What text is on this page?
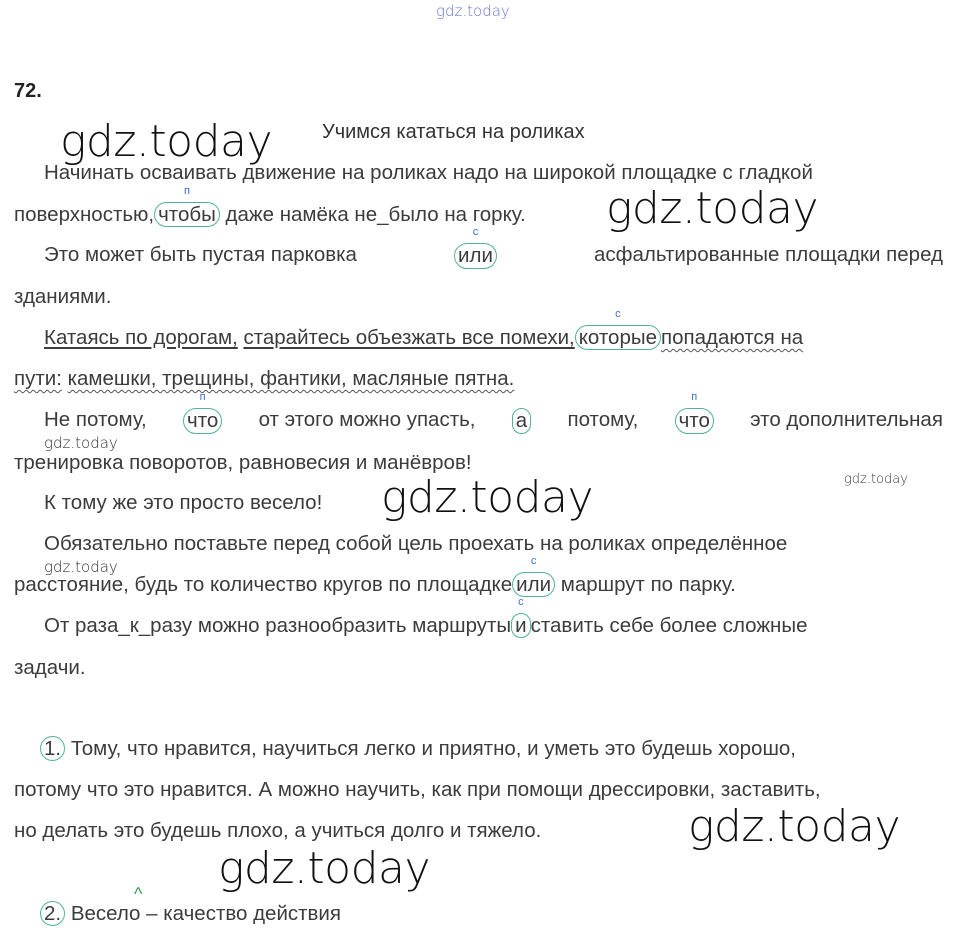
gdz.today
gdz.today
gdz.today
gdz.today
gdz.today
gdz.today
gdz.today
gdz.today
gdz.today
72.
Учимся кататься на роликах
Начинать осваивать движение на роликах надо на широкой площадке с гладкой
поверхностью,
п
чтобы даже намёка не_было на горку.
Это может быть пустая парковка
с
или	асфальтированные площадки перед
зданиями.
Катаясь по дорогам, старайтесь объезжать все помехи,
с
которые попадаются на
пути: камешки, трещины, фантики, масляные пятна.
Не потому,
п
что от этого можно упасть, а потому,
п
что это дополнительная
тренировка поворотов, равновесия и манёвров!
К тому же это просто весело!
Обязательно поставьте перед собой цель проехать на роликах определённое
расстояние, будь то количество кругов по площадке
с
или маршрут по парку.
От раза_к_разу можно разнообразить маршруты
с
и ставить себе более сложные
задачи.
1. Тому, что нравится, научиться легко и приятно, и уметь это будешь хорошо,
потому что это нравится. А можно научить, как при помощи дрессировки, заставить,
но делать это будешь плохо, а учиться долго и тяжело.
^
2. Весело – качество действия
